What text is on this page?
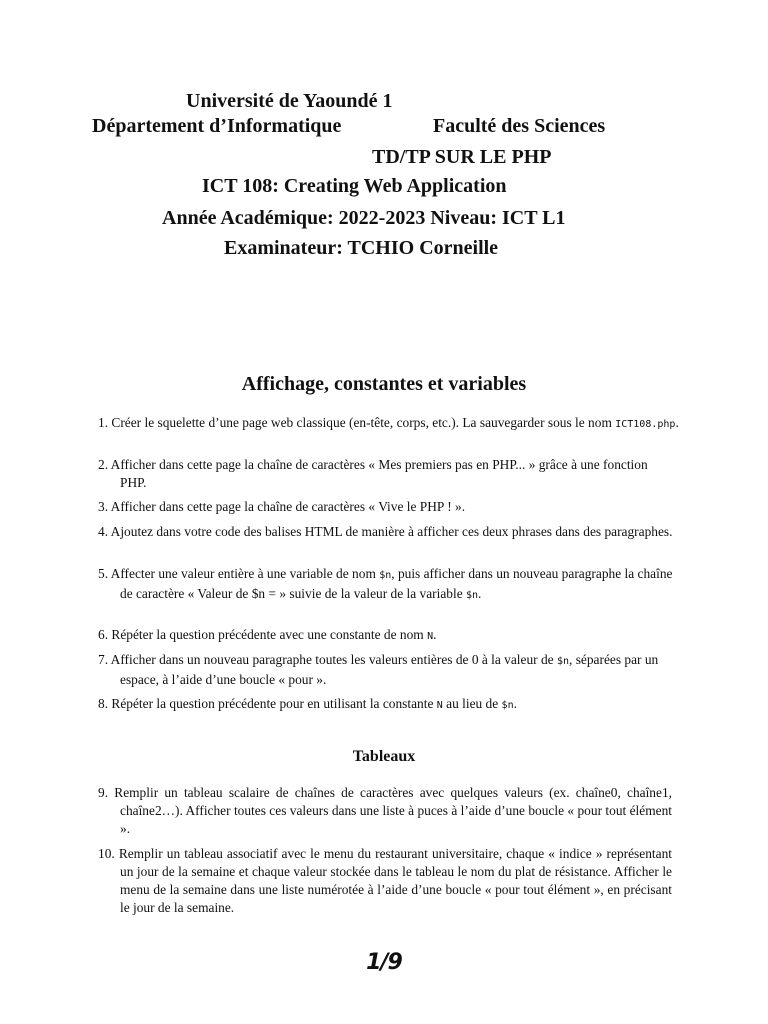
Université de Yaoundé 1
Département d’Informatique	Faculté des Sciences
TD/TP SUR LE PHP
ICT 108: Creating Web Application
Année Académique: 2022-2023 Niveau: ICT L1
Examinateur: TCHIO Corneille
Affichage, constantes et variables
1. Créer le squelette d’une page web classique (en-tête, corps, etc.). La sauvegarder sous le nom ICT108.php.
2. Afficher dans cette page la chaîne de caractères « Mes premiers pas en PHP... » grâce à une fonction PHP.
3. Afficher dans cette page la chaîne de caractères « Vive le PHP ! ».
4. Ajoutez dans votre code des balises HTML de manière à afficher ces deux phrases dans des paragraphes.
5. Affecter une valeur entière à une variable de nom $n, puis afficher dans un nouveau paragraphe la chaîne de caractère « Valeur de $n = » suivie de la valeur de la variable $n.
6. Répéter la question précédente avec une constante de nom N.
7. Afficher dans un nouveau paragraphe toutes les valeurs entières de 0 à la valeur de $n, séparées par un espace, à l’aide d’une boucle « pour ».
8. Répéter la question précédente pour en utilisant la constante N au lieu de $n.
Tableaux
9. Remplir un tableau scalaire de chaînes de caractères avec quelques valeurs (ex. chaîne0, chaîne1, chaîne2…). Afficher toutes ces valeurs dans une liste à puces à l’aide d’une boucle « pour tout élément ».
10. Remplir un tableau associatif avec le menu du restaurant universitaire, chaque « indice » représentant un jour de la semaine et chaque valeur stockée dans le tableau le nom du plat de résistance. Afficher le menu de la semaine dans une liste numérotée à l’aide d’une boucle « pour tout élément », en précisant le jour de la semaine.
1/9
